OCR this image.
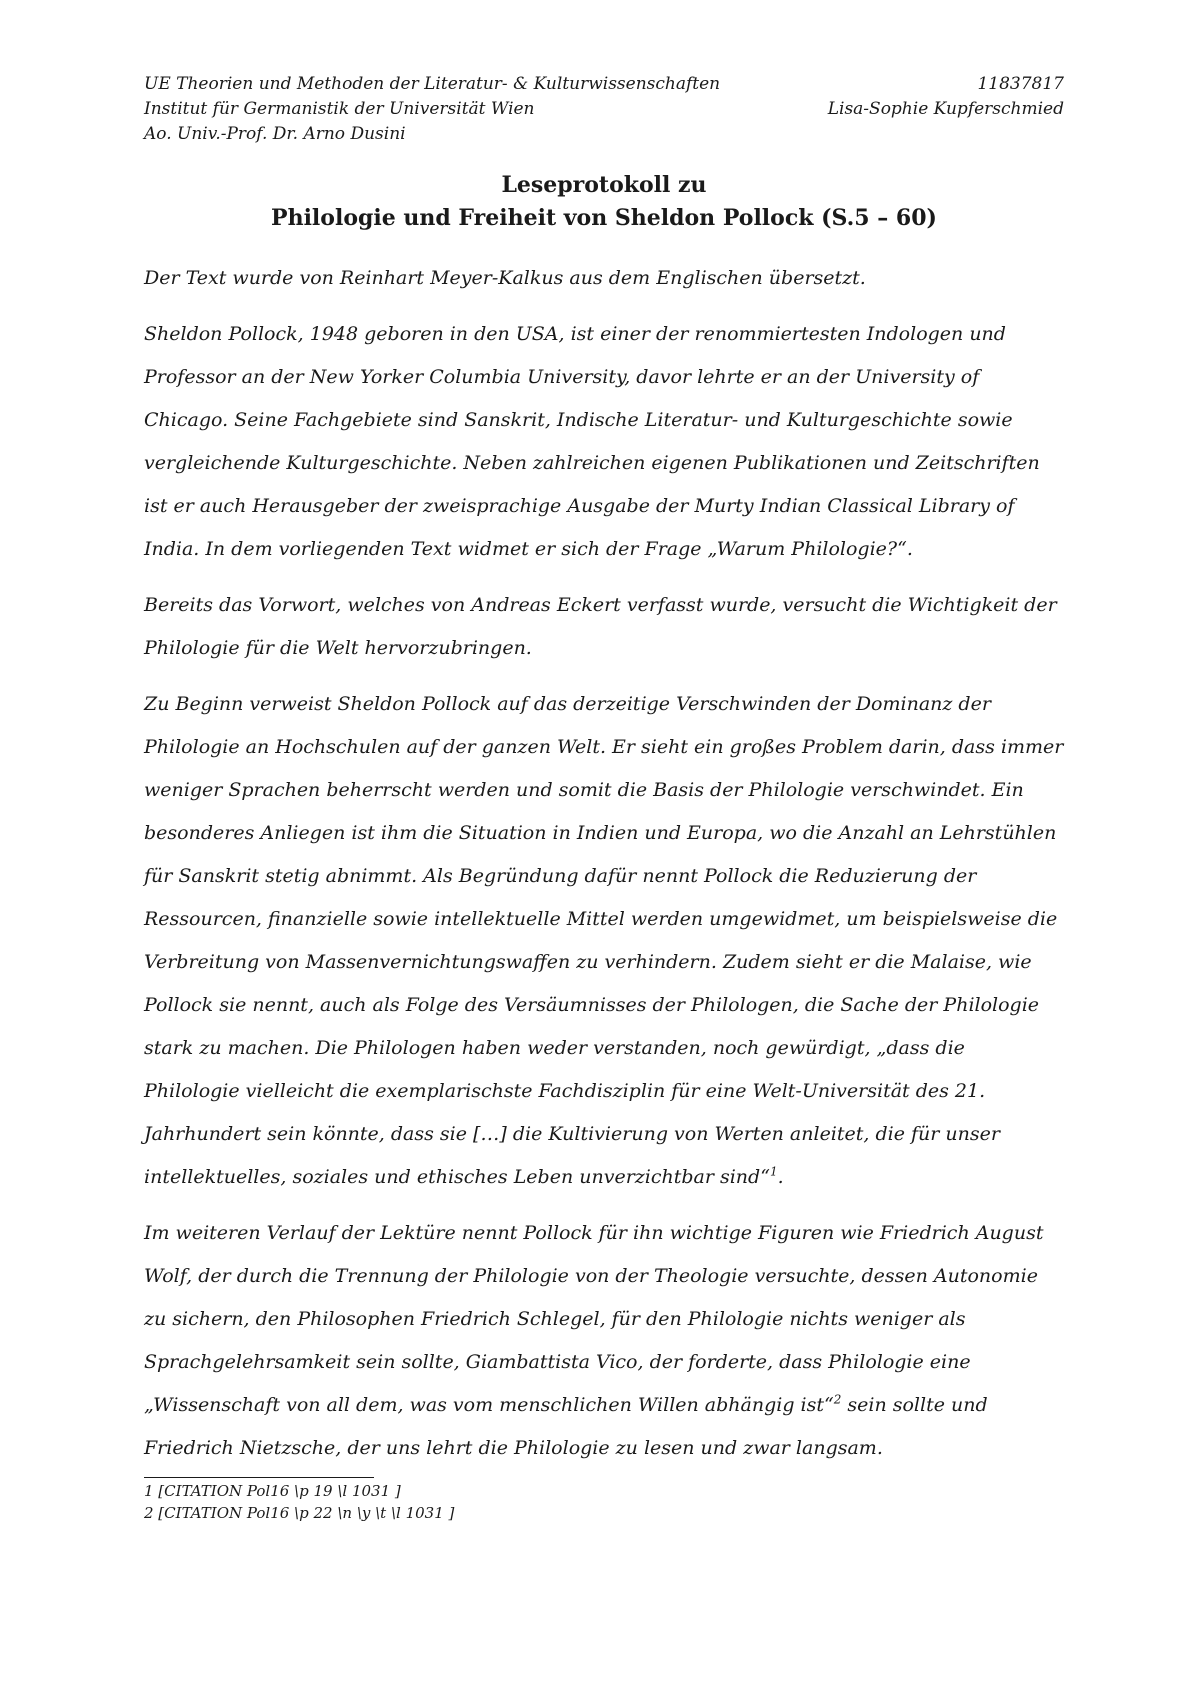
UE Theorien und Methoden der Literatur- & Kulturwissenschaften	11837817
Institut für Germanistik der Universität Wien	Lisa-Sophie Kupferschmied
Ao. Univ.-Prof. Dr. Arno Dusini
Leseprotokoll zu
Philologie und Freiheit von Sheldon Pollock (S.5 – 60)

Der Text wurde von Reinhart Meyer-Kalkus aus dem Englischen übersetzt.

Sheldon Pollock, 1948 geboren in den USA, ist einer der renommiertesten Indologen und Professor an der New Yorker Columbia University, davor lehrte er an der University of Chicago. Seine Fachgebiete sind Sanskrit, Indische Literatur- und Kulturgeschichte sowie vergleichende Kulturgeschichte. Neben zahlreichen eigenen Publikationen und Zeitschriften ist er auch Herausgeber der zweisprachige Ausgabe der Murty Indian Classical Library of India. In dem vorliegenden Text widmet er sich der Frage „Warum Philologie?“.

Bereits das Vorwort, welches von Andreas Eckert verfasst wurde, versucht die Wichtigkeit der Philologie für die Welt hervorzubringen.

Zu Beginn verweist Sheldon Pollock auf das derzeitige Verschwinden der Dominanz der Philologie an Hochschulen auf der ganzen Welt. Er sieht ein großes Problem darin, dass immer weniger Sprachen beherrscht werden und somit die Basis der Philologie verschwindet. Ein besonderes Anliegen ist ihm die Situation in Indien und Europa, wo die Anzahl an Lehrstühlen für Sanskrit stetig abnimmt. Als Begründung dafür nennt Pollock die Reduzierung der Ressourcen, finanzielle sowie intellektuelle Mittel werden umgewidmet, um beispielsweise die Verbreitung von Massenvernichtungswaffen zu verhindern. Zudem sieht er die Malaise, wie Pollock sie nennt, auch als Folge des Versäumnisses der Philologen, die Sache der Philologie stark zu machen. Die Philologen haben weder verstanden, noch gewürdigt, „dass die Philologie vielleicht die exemplarischste Fachdisziplin für eine Welt-Universität des 21. Jahrhundert sein könnte, dass sie […] die Kultivierung von Werten anleitet, die für unser intellektuelles, soziales und ethisches Leben unverzichtbar sind“$^1$.

Im weiteren Verlauf der Lektüre nennt Pollock für ihn wichtige Figuren wie Friedrich August Wolf, der durch die Trennung der Philologie von der Theologie versuchte, dessen Autonomie zu sichern, den Philosophen Friedrich Schlegel, für den Philologie nichts weniger als Sprachgelehrsamkeit sein sollte, Giambattista Vico, der forderte, dass Philologie eine „Wissenschaft von all dem, was vom menschlichen Willen abhängig ist“$^2$ sein sollte und Friedrich Nietzsche, der uns lehrt die Philologie zu lesen und zwar langsam.

1 [CITATION Pol16 \p 19 \l 1031 ]
2 [CITATION Pol16 \p 22 \n \y \t \l 1031 ]
